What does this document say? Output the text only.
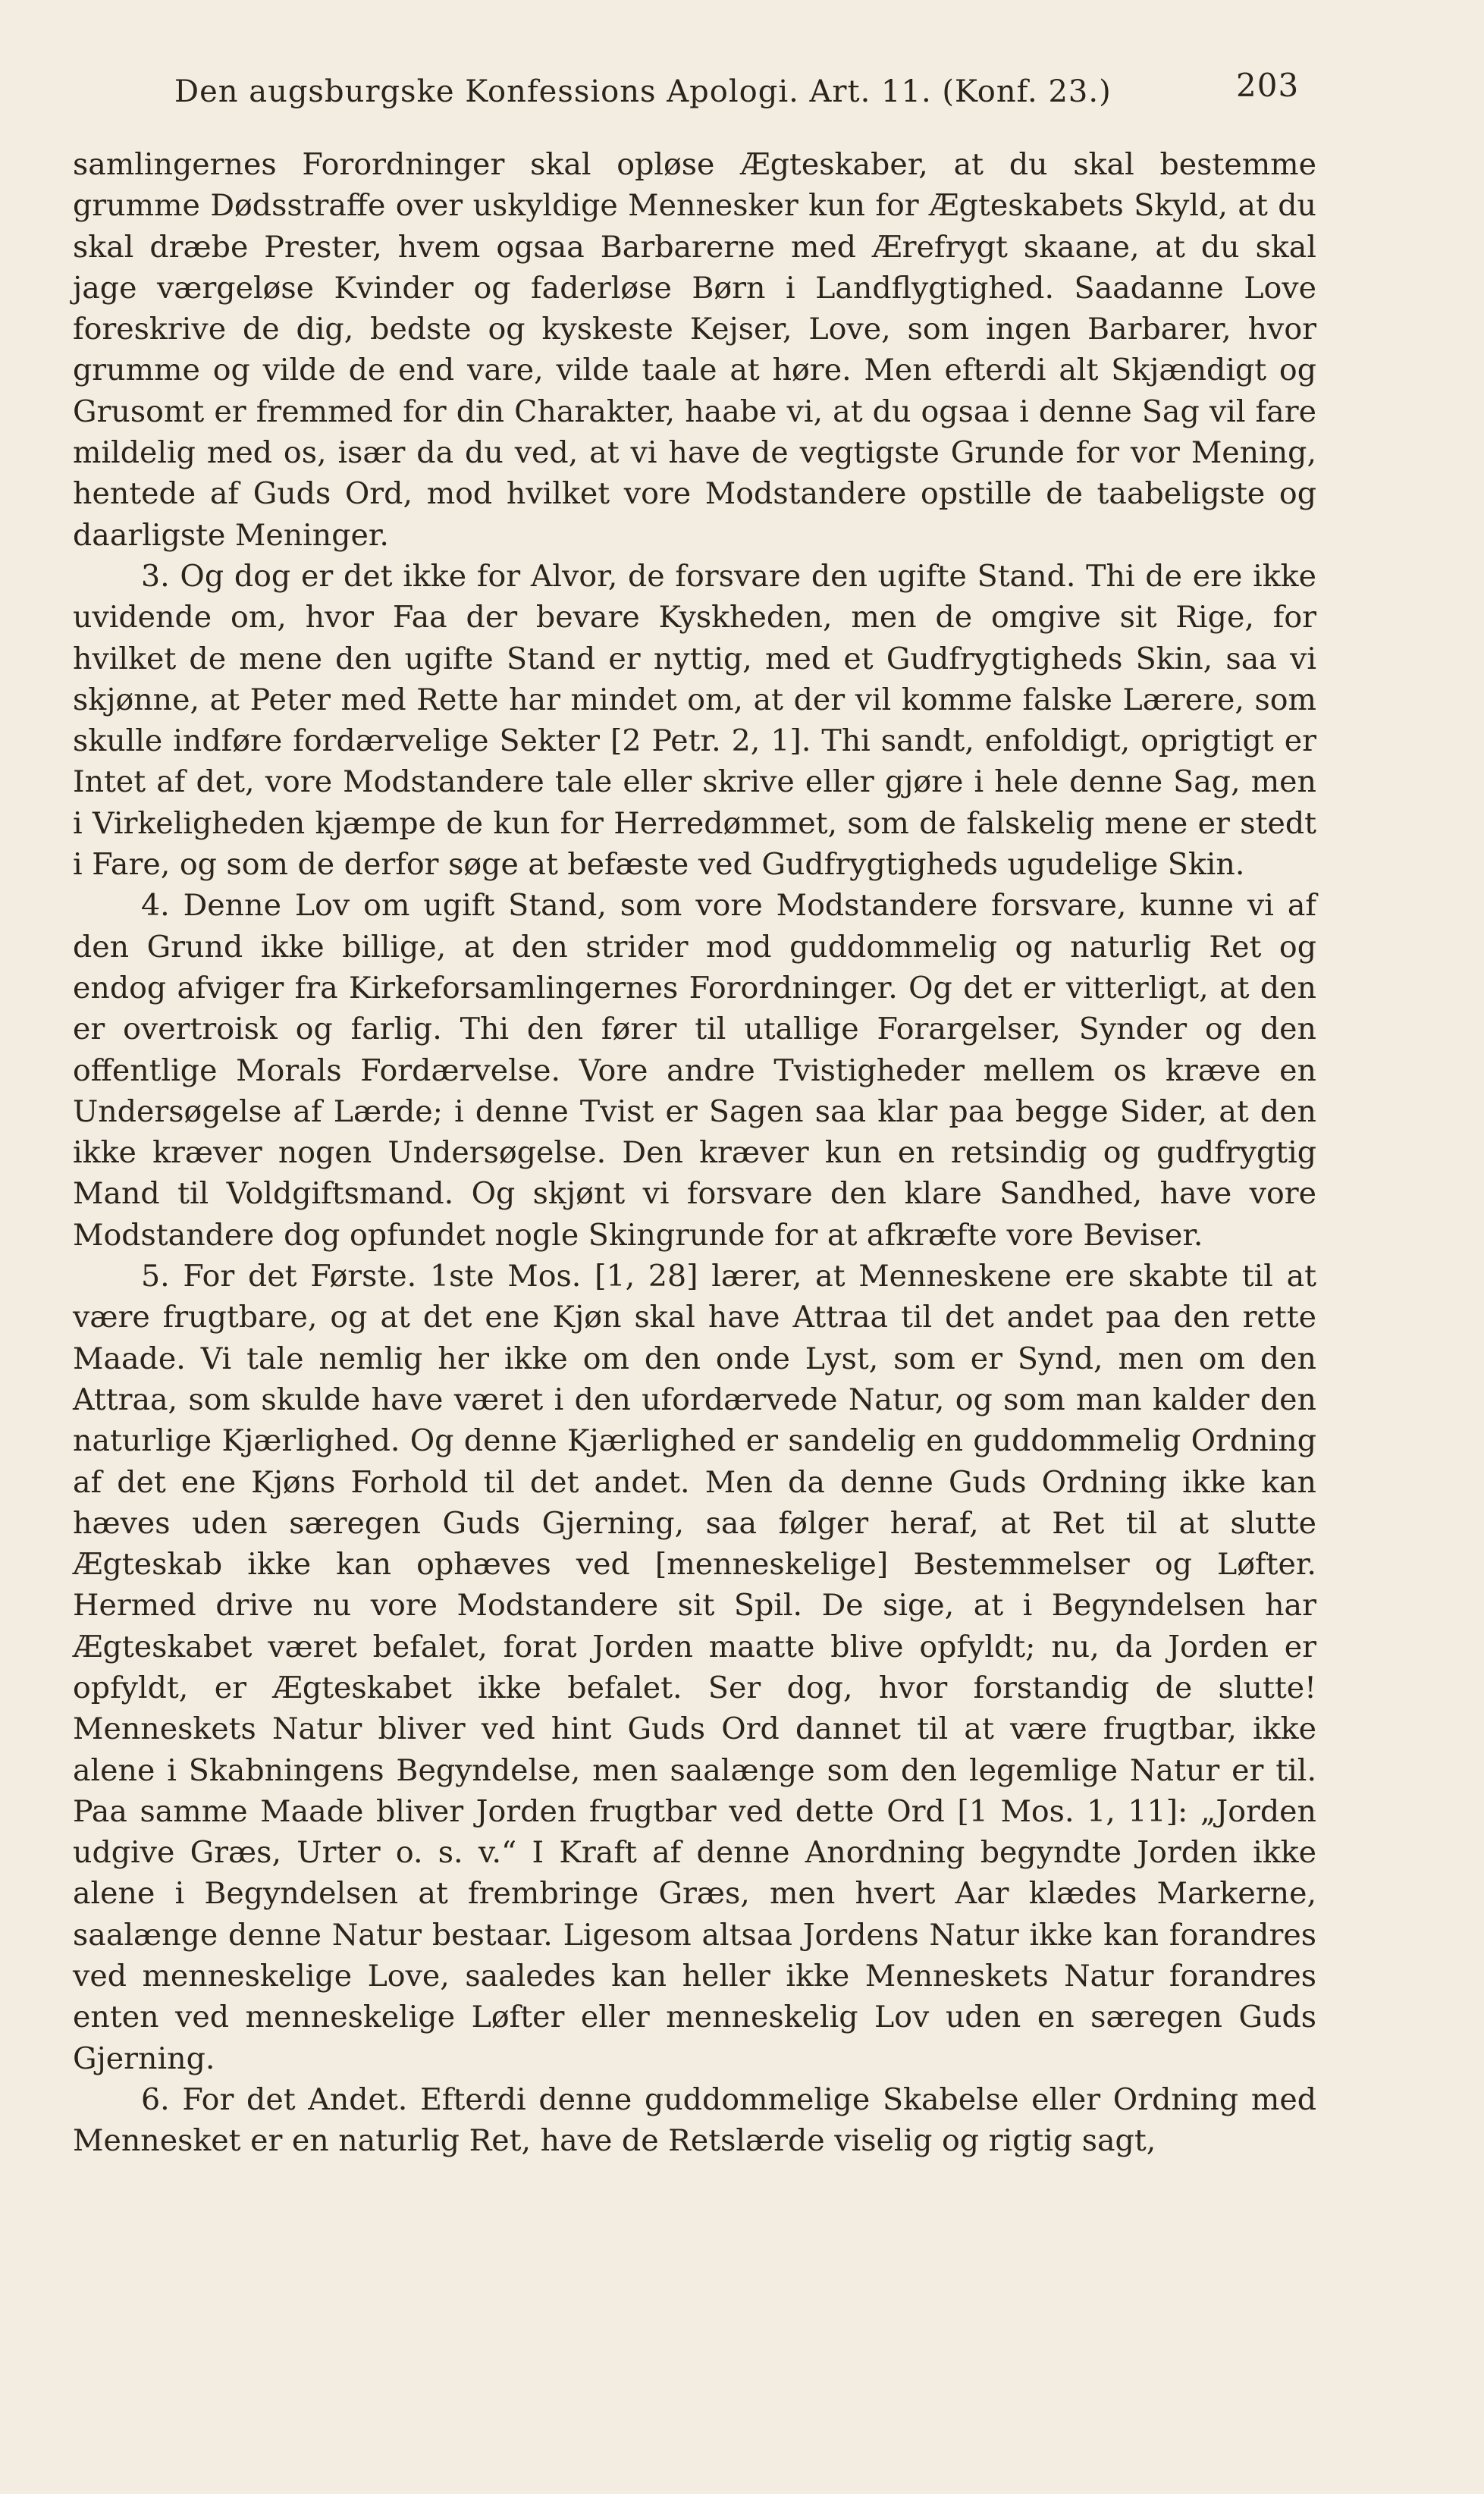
Den augsburgske Konfessions Apologi. Art. 11. (Konf. 23.)	203

samlingernes Forordninger skal opløse Ægteskaber, at du skal bestemme grumme Dødsstraffe over uskyldige Mennesker kun for Ægteskabets Skyld, at du skal dræbe Prester, hvem ogsaa Barbarerne med Ærefrygt skaane, at du skal jage værgeløse Kvinder og faderløse Børn i Landflygtighed. Saadanne Love foreskrive de dig, bedste og kyskeste Kejser, Love, som ingen Barbarer, hvor grumme og vilde de end vare, vilde taale at høre. Men efterdi alt Skjændigt og Grusomt er fremmed for din Charakter, haabe vi, at du ogsaa i denne Sag vil fare mildelig med os, især da du ved, at vi have de vegtigste Grunde for vor Mening, hentede af Guds Ord, mod hvilket vore Modstandere opstille de taabeligste og daarligste Meninger.

3. Og dog er det ikke for Alvor, de forsvare den ugifte Stand. Thi de ere ikke uvidende om, hvor Faa der bevare Kyskheden, men de omgive sit Rige, for hvilket de mene den ugifte Stand er nyttig, med et Gudfrygtigheds Skin, saa vi skjønne, at Peter med Rette har mindet om, at der vil komme falske Lærere, som skulle indføre fordærvelige Sekter [2 Petr. 2, 1]. Thi sandt, enfoldigt, oprigtigt er Intet af det, vore Modstandere tale eller skrive eller gjøre i hele denne Sag, men i Virkeligheden kjæmpe de kun for Herredømmet, som de falskelig mene er stedt i Fare, og som de derfor søge at befæste ved Gudfrygtigheds ugudelige Skin.

4. Denne Lov om ugift Stand, som vore Modstandere forsvare, kunne vi af den Grund ikke billige, at den strider mod guddommelig og naturlig Ret og endog afviger fra Kirkeforsamlingernes Forordninger. Og det er vitterligt, at den er overtroisk og farlig. Thi den fører til utallige Forargelser, Synder og den offentlige Morals Fordærvelse. Vore andre Tvistigheder mellem os kræve en Undersøgelse af Lærde; i denne Tvist er Sagen saa klar paa begge Sider, at den ikke kræver nogen Undersøgelse. Den kræver kun en retsindig og gudfrygtig Mand til Voldgiftsmand. Og skjønt vi forsvare den klare Sandhed, have vore Modstandere dog opfundet nogle Skingrunde for at afkræfte vore Beviser.

5. For det Første. 1ste Mos. [1, 28] lærer, at Menneskene ere skabte til at være frugtbare, og at det ene Kjøn skal have Attraa til det andet paa den rette Maade. Vi tale nemlig her ikke om den onde Lyst, som er Synd, men om den Attraa, som skulde have været i den ufordærvede Natur, og som man kalder den naturlige Kjærlighed. Og denne Kjærlighed er sandelig en guddommelig Ordning af det ene Kjøns Forhold til det andet. Men da denne Guds Ordning ikke kan hæves uden særegen Guds Gjerning, saa følger heraf, at Ret til at slutte Ægteskab ikke kan ophæves ved [menneskelige] Bestemmelser og Løfter. Hermed drive nu vore Modstandere sit Spil. De sige, at i Begyndelsen har Ægteskabet været befalet, forat Jorden maatte blive opfyldt; nu, da Jorden er opfyldt, er Ægteskabet ikke befalet. Ser dog, hvor forstandig de slutte! Menneskets Natur bliver ved hint Guds Ord dannet til at være frugtbar, ikke alene i Skabningens Begyndelse, men saalænge som den legemlige Natur er til. Paa samme Maade bliver Jorden frugtbar ved dette Ord [1 Mos. 1, 11]: „Jorden udgive Græs, Urter o. s. v.“ I Kraft af denne Anordning begyndte Jorden ikke alene i Begyndelsen at frembringe Græs, men hvert Aar klædes Markerne, saalænge denne Natur bestaar. Ligesom altsaa Jordens Natur ikke kan forandres ved menneskelige Love, saaledes kan heller ikke Menneskets Natur forandres enten ved menneskelige Løfter eller menneskelig Lov uden en særegen Guds Gjerning.

6. For det Andet. Efterdi denne guddommelige Skabelse eller Ordning med Mennesket er en naturlig Ret, have de Retslærde viselig og rigtig sagt,
